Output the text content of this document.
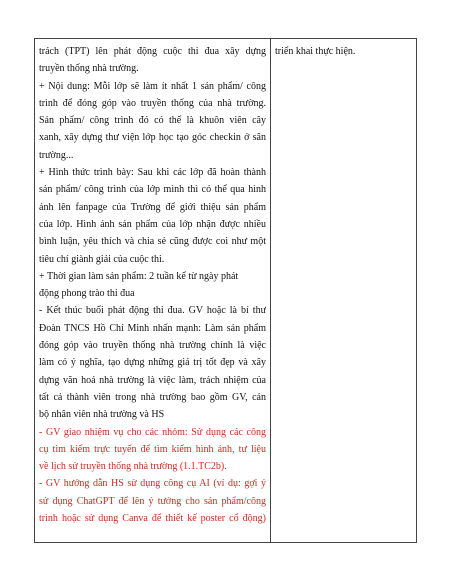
trách (TPT) lên phát động cuộc thi đua xây dựng
truyền thống nhà trường.
+ Nội dung: Mỗi lớp sẽ làm ít nhất 1 sản phẩm/ công
trình để đóng góp vào truyền thống của nhà trường.
Sản phẩm/ công trình đó có thể là khuôn viên cây
xanh, xây dựng thư viện lớp học tạo góc checkin ở sân
trường...
+ Hình thức trình bày: Sau khi các lớp đã hoàn thành
sản phẩm/ công trình của lớp mình thì có thể qua hình
ảnh lên fanpage của Trường để giới thiệu sản phẩm
của lớp. Hình ảnh sản phẩm của lớp nhận được nhiều
bình luận, yêu thích và chia sẻ cũng được coi như một
tiêu chí giành giải của cuộc thi.
+ Thời gian làm sản phẩm: 2 tuần kể từ ngày phát
động phong trào thi đua
- Kết thúc buổi phát động thi đua. GV hoặc là bí thư
Đoàn TNCS Hồ Chí Minh nhấn mạnh: Làm sản phẩm
đóng góp vào truyền thống nhà trường chính là việc
làm có ý nghĩa, tạo dựng những giá trị tốt đẹp và xây
dựng văn hoá nhà trường là việc làm, trách nhiệm của
tất cả thành viên trong nhà trường bao gồm GV, cán
bộ nhân viên nhà trường và HS
- GV giao nhiệm vụ cho các nhóm: Sử dụng các công
cụ tìm kiếm trực tuyến để tìm kiếm hình ảnh, tư liệu
về lịch sử truyền thống nhà trường (1.1.TC2b).
- GV hướng dẫn HS sử dụng công cụ AI (ví dụ: gợi ý
sử dụng ChatGPT để lên ý tưởng cho sản phẩm/công
trình hoặc sử dụng Canva để thiết kế poster cổ động)
triển khai thực hiện.
